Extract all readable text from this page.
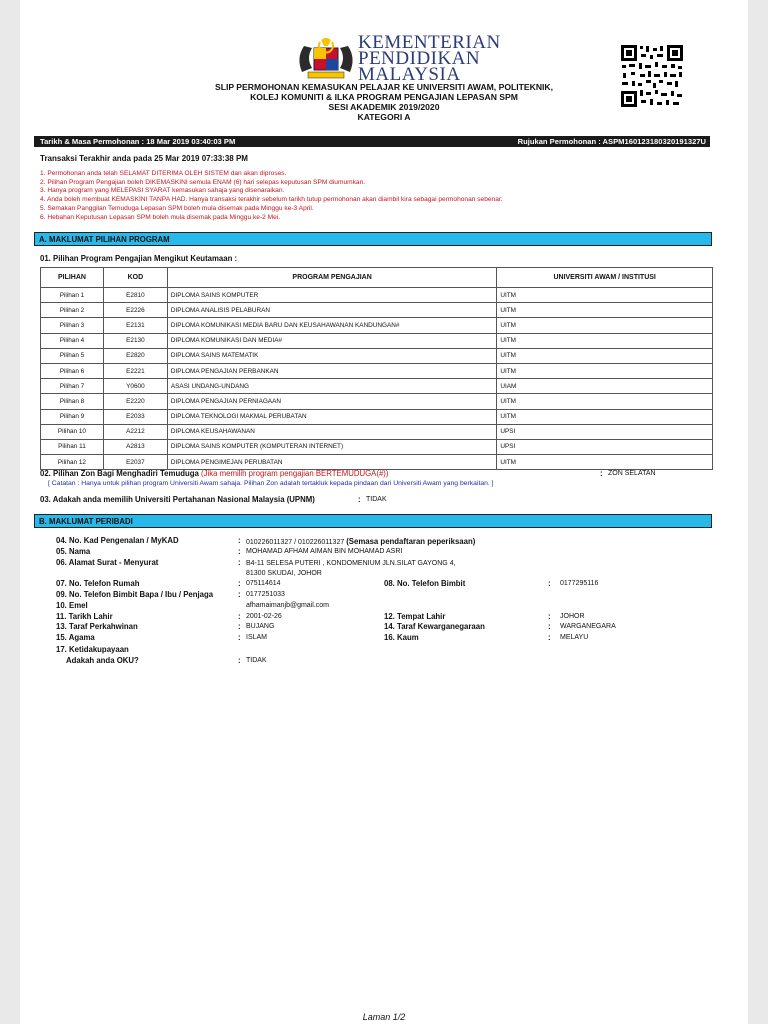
KEMENTERIAN
PENDIDIKAN
MALAYSIA
SLIP PERMOHONAN KEMASUKAN PELAJAR KE UNIVERSITI AWAM, POLITEKNIK,
KOLEJ KOMUNITI & ILKA PROGRAM PENGAJIAN LEPASAN SPM
SESI AKADEMIK 2019/2020
KATEGORI A
Tarikh & Masa Permohonan : 18 Mar 2019 03:40:03 PM	Rujukan Permohonan : ASPM160123180320191327U
Transaksi Terakhir anda pada 25 Mar 2019 07:33:38 PM
1. Permohonan anda telah SELAMAT DITERIMA OLEH SISTEM dan akan diproses.
2. Pilihan Program Pengajian boleh DIKEMASKINI semula ENAM (6) hari selepas keputusan SPM diumumkan.
3. Hanya program yang MELEPASI SYARAT kemasukan sahaja yang disenaraikan.
4. Anda boleh membuat KEMASKINI TANPA HAD. Hanya transaksi terakhir sebelum tarikh tutup permohonan akan diambil kira sebagai permohonan sebenar.
5. Semakan Panggilan Temuduga Lepasan SPM boleh mula disemak pada Minggu ke-3 April.
6. Hebahan Keputusan Lepasan SPM boleh mula disemak pada Minggu ke-2 Mei.
A. MAKLUMAT PILIHAN PROGRAM
01. Pilihan Program Pengajian Mengikut Keutamaan :
PILIHAN	KOD	PROGRAM PENGAJIAN	UNIVERSITI AWAM / INSTITUSI
Pilihan 1	E2810	DIPLOMA SAINS KOMPUTER	UITM
Pilihan 2	E2226	DIPLOMA ANALISIS PELABURAN	UITM
Pilihan 3	E2131	DIPLOMA KOMUNIKASI MEDIA BARU DAN KEUSAHAWANAN KANDUNGAN#	UITM
Pilihan 4	E2130	DIPLOMA KOMUNIKASI DAN MEDIA#	UITM
Pilihan 5	E2820	DIPLOMA SAINS MATEMATIK	UITM
Pilihan 6	E2221	DIPLOMA PENGAJIAN PERBANKAN	UITM
Pilihan 7	Y0600	ASASI UNDANG-UNDANG	UIAM
Pilihan 8	E2220	DIPLOMA PENGAJIAN PERNIAGAAN	UITM
Pilihan 9	E2033	DIPLOMA TEKNOLOGI MAKMAL PERUBATAN	UITM
Pilihan 10	A2212	DIPLOMA KEUSAHAWANAN	UPSI
Pilihan 11	A2813	DIPLOMA SAINS KOMPUTER (KOMPUTERAN INTERNET)	UPSI
Pilihan 12	E2037	DIPLOMA PENGIMEJAN PERUBATAN	UITM
02. Pilihan Zon Bagi Menghadiri Temuduga (Jika memilih program pengajian BERTEMUDUGA(#))	: ZON SELATAN
[ Catatan : Hanya untuk pilihan program Universiti Awam sahaja. Pilihan Zon adalah tertakluk kepada pindaan dari Universiti Awam yang berkaitan. ]
03. Adakah anda memilih Universiti Pertahanan Nasional Malaysia (UPNM)	: TIDAK
B. MAKLUMAT PERIBADI
04. No. Kad Pengenalan / MyKAD	: 010226011327 / 010226011327 (Semasa pendaftaran peperiksaan)
05. Nama	: MOHAMAD AFHAM AIMAN BIN MOHAMAD ASRI
06. Alamat Surat - Menyurat	: B4-11 SELESA PUTERI , KONDOMENIUM JLN.SILAT GAYONG 4,
81300 SKUDAI, JOHOR
07. No. Telefon Rumah	: 075114614	08. No. Telefon Bimbit	: 0177295116
09. No. Telefon Bimbit Bapa / Ibu / Penjaga	: 0177251033
10. Emel	afhamaimanjb@gmail.com
11. Tarikh Lahir	: 2001-02-26	12. Tempat Lahir	: JOHOR
13. Taraf Perkahwinan	: BUJANG	14. Taraf Kewarganegaraan	: WARGANEGARA
15. Agama	: ISLAM	16. Kaum	: MELAYU
17. Ketidakupayaan
Adakah anda OKU?	: TIDAK
Laman 1/2
